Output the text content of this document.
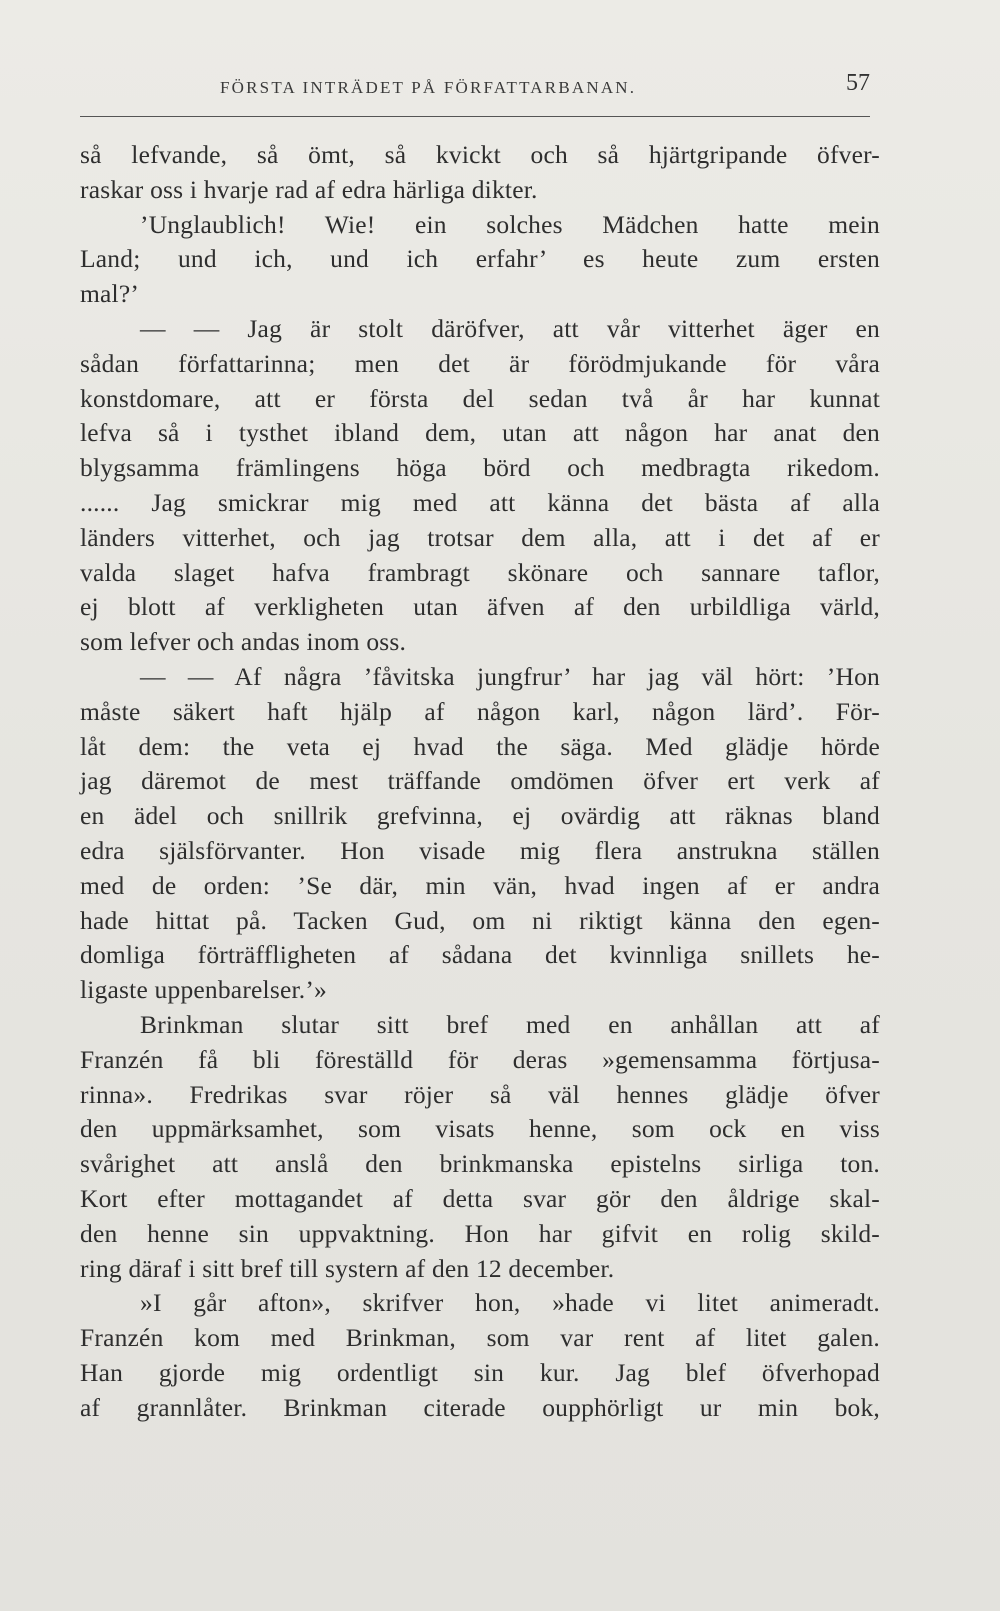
FÖRSTA INTRÄDET PÅ FÖRFATTARBANAN.	57
så lefvande, så ömt, så kvickt och så hjärtgripande öfver-
raskar oss i hvarje rad af edra härliga dikter.
’Unglaublich! Wie! ein solches Mädchen hatte mein
Land; und ich, und ich erfahr’ es heute zum ersten
mal?’
— — Jag är stolt däröfver, att vår vitterhet äger en
sådan författarinna; men det är förödmjukande för våra
konstdomare, att er första del sedan två år har kunnat
lefva så i tysthet ibland dem, utan att någon har anat den
blygsamma främlingens höga börd och medbragta rikedom.
...... Jag smickrar mig med att känna det bästa af alla
länders vitterhet, och jag trotsar dem alla, att i det af er
valda slaget hafva frambragt skönare och sannare taflor,
ej blott af verkligheten utan äfven af den urbildliga värld,
som lefver och andas inom oss.
— — Af några ’fåvitska jungfrur’ har jag väl hört: ’Hon
måste säkert haft hjälp af någon karl, någon lärd’. För-
låt dem: the veta ej hvad the säga. Med glädje hörde
jag däremot de mest träffande omdömen öfver ert verk af
en ädel och snillrik grefvinna, ej ovärdig att räknas bland
edra själsförvanter. Hon visade mig flera anstrukna ställen
med de orden: ’Se där, min vän, hvad ingen af er andra
hade hittat på. Tacken Gud, om ni riktigt känna den egen-
domliga förträffligheten af sådana det kvinnliga snillets he-
ligaste uppenbarelser.’»
Brinkman slutar sitt bref med en anhållan att af
Franzén få bli föreställd för deras »gemensamma förtjusa-
rinna». Fredrikas svar röjer så väl hennes glädje öfver
den uppmärksamhet, som visats henne, som ock en viss
svårighet att anslå den brinkmanska epistelns sirliga ton.
Kort efter mottagandet af detta svar gör den åldrige skal-
den henne sin uppvaktning. Hon har gifvit en rolig skild-
ring däraf i sitt bref till systern af den 12 december.
»I går afton», skrifver hon, »hade vi litet animeradt.
Franzén kom med Brinkman, som var rent af litet galen.
Han gjorde mig ordentligt sin kur. Jag blef öfverhopad
af grannlåter. Brinkman citerade oupphörligt ur min bok,
